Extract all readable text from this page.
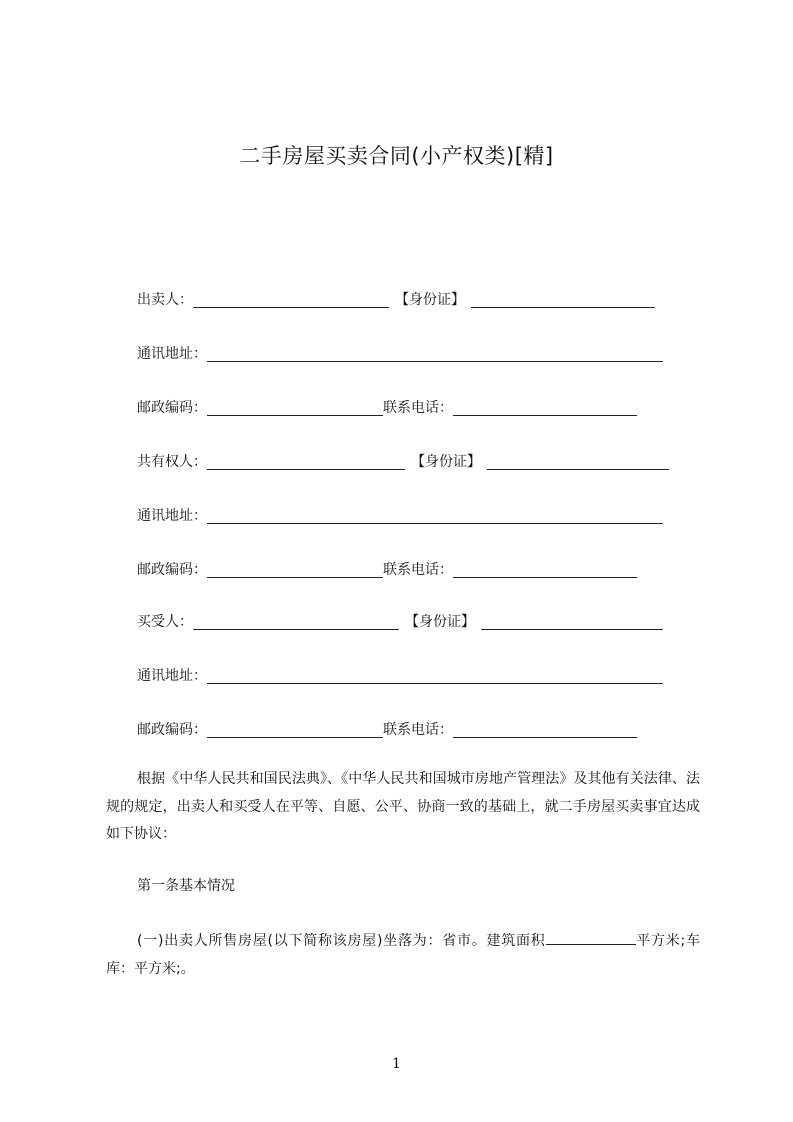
二手房屋买卖合同(小产权类)[精]
出卖人：	【身份证】
通讯地址：
邮政编码：	联系电话：
共有权人：	【身份证】
通讯地址：
邮政编码：	联系电话：
买受人：	【身份证】
通讯地址：
邮政编码：	联系电话：
根据《中华人民共和国民法典》、《中华人民共和国城市房地产管理法》及其他有关法律、法规的规定，出卖人和买受人在平等、自愿、公平、协商一致的基础上，就二手房屋买卖事宜达成如下协议：
第一条基本情况
(一)出卖人所售房屋(以下简称该房屋)坐落为：省市。建筑面积	平方米;车库：平方米;。
1
